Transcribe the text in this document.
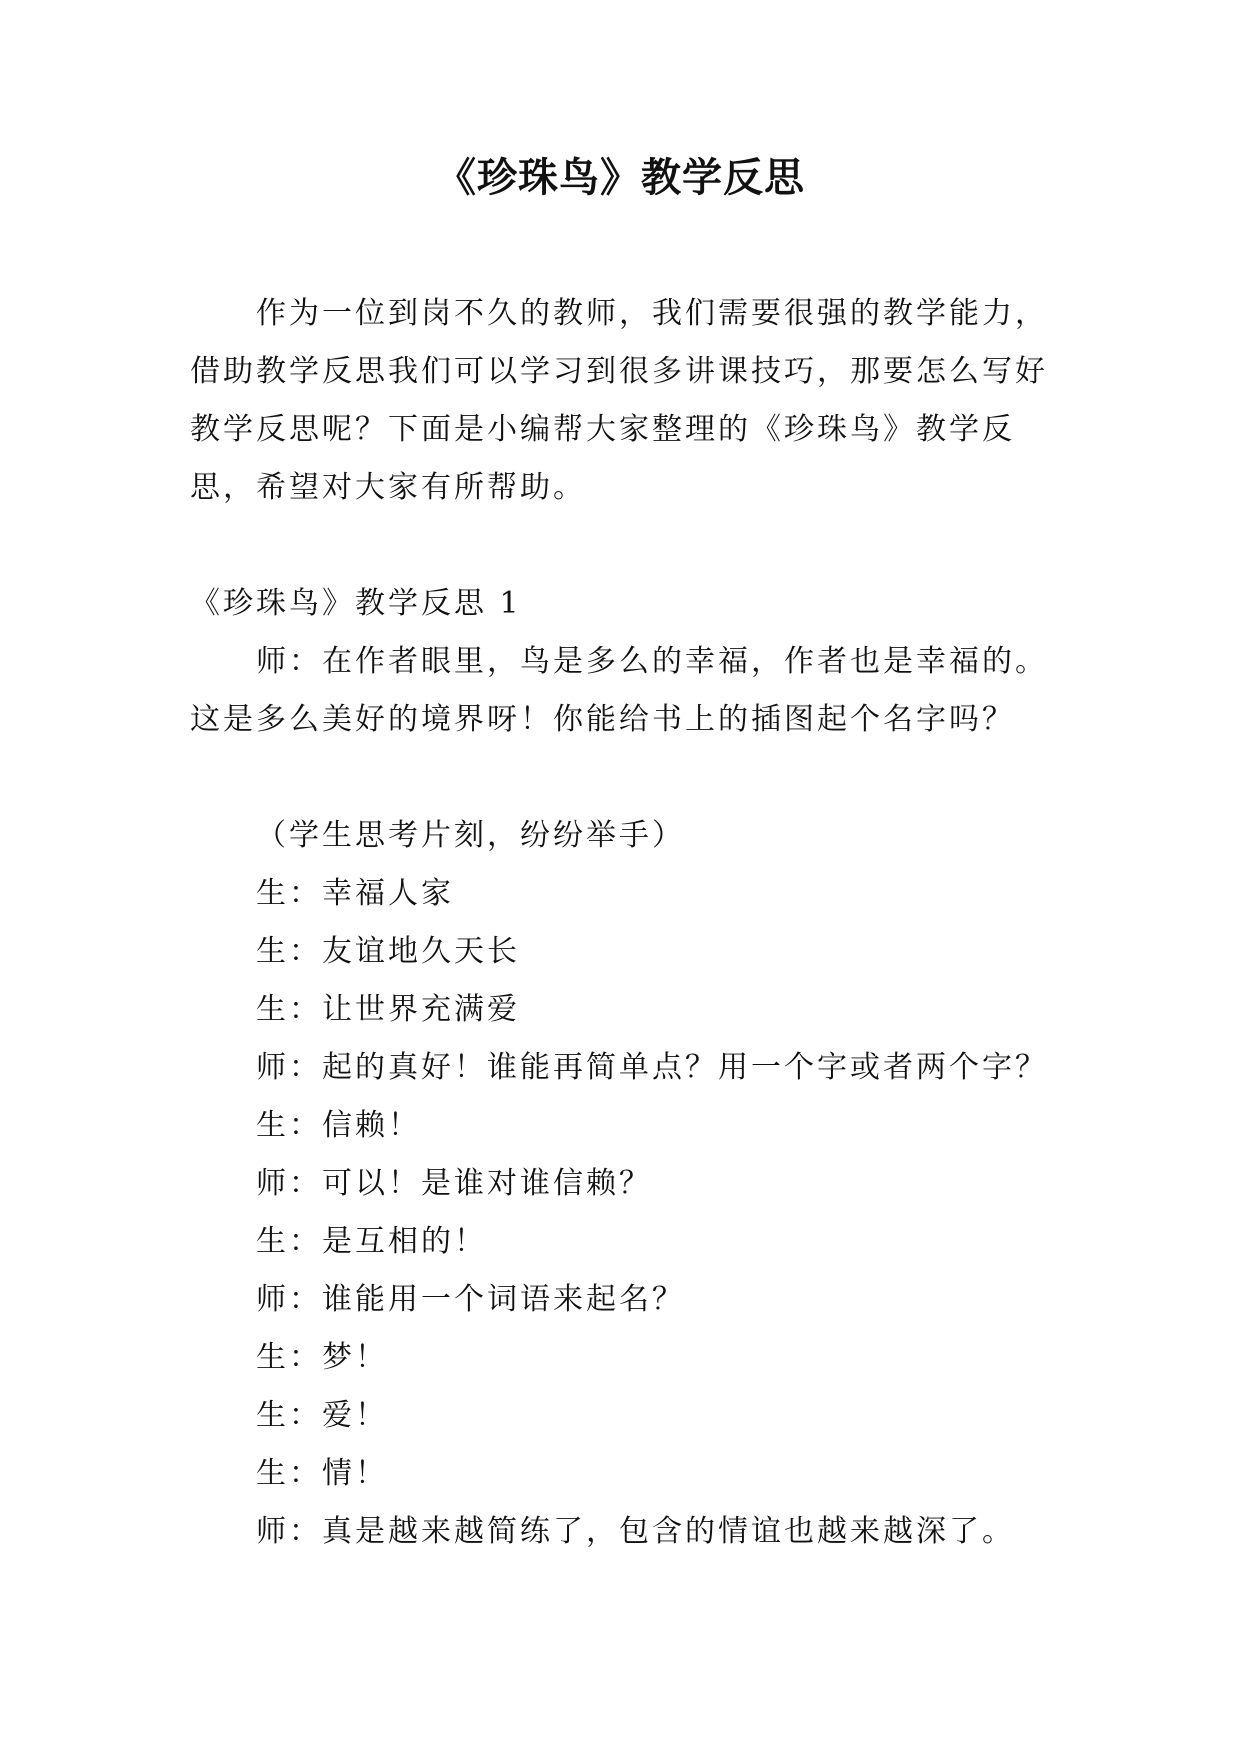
《珍珠鸟》教学反思

作为一位到岗不久的教师，我们需要很强的教学能力，借助教学反思我们可以学习到很多讲课技巧，那要怎么写好教学反思呢？下面是小编帮大家整理的《珍珠鸟》教学反思，希望对大家有所帮助。

《珍珠鸟》教学反思 1

师：在作者眼里，鸟是多么的幸福，作者也是幸福的。这是多么美好的境界呀！你能给书上的插图起个名字吗？

（学生思考片刻，纷纷举手）
生：幸福人家
生：友谊地久天长
生：让世界充满爱
师：起的真好！谁能再简单点？用一个字或者两个字？
生：信赖！
师：可以！是谁对谁信赖？
生：是互相的！
师：谁能用一个词语来起名？
生：梦！
生：爱！
生：情！
师：真是越来越简练了，包含的情谊也越来越深了。
